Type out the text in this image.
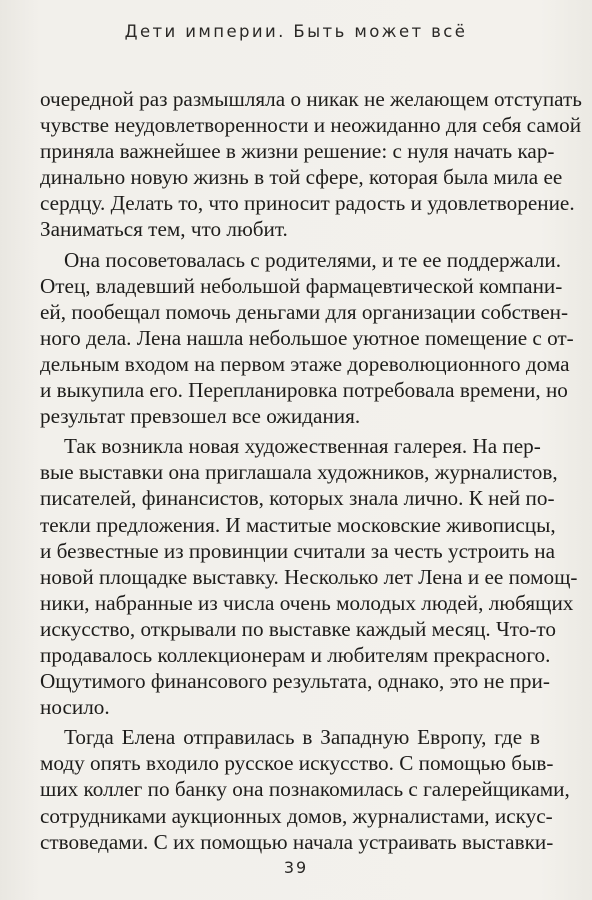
Дети империи. Быть может всё

очередной раз размышляла о никак не желающем отступать
чувстве неудовлетворенности и неожиданно для себя самой
приняла важнейшее в жизни решение: с нуля начать кар-
динально новую жизнь в той сфере, которая была мила ее
сердцу. Делать то, что приносит радость и удовлетворение.
Заниматься тем, что любит.

Она посоветовалась с родителями, и те ее поддержали.
Отец, владевший небольшой фармацевтической компани-
ей, пообещал помочь деньгами для организации собствен-
ного дела. Лена нашла небольшое уютное помещение с от-
дельным входом на первом этаже дореволюционного дома
и выкупила его. Перепланировка потребовала времени, но
результат превзошел все ожидания.

Так возникла новая художественная галерея. На пер-
вые выставки она приглашала художников, журналистов,
писателей, финансистов, которых знала лично. К ней по-
текли предложения. И маститые московские живописцы,
и безвестные из провинции считали за честь устроить на
новой площадке выставку. Несколько лет Лена и ее помощ-
ники, набранные из числа очень молодых людей, любящих
искусство, открывали по выставке каждый месяц. Что-то
продавалось коллекционерам и любителям прекрасного.
Ощутимого финансового результата, однако, это не при-
носило.

Тогда Елена отправилась в Западную Европу, где в
моду опять входило русское искусство. С помощью быв-
ших коллег по банку она познакомилась с галерейщиками,
сотрудниками аукционных домов, журналистами, искус-
ствоведами. С их помощью начала устраивать выставки-

39
